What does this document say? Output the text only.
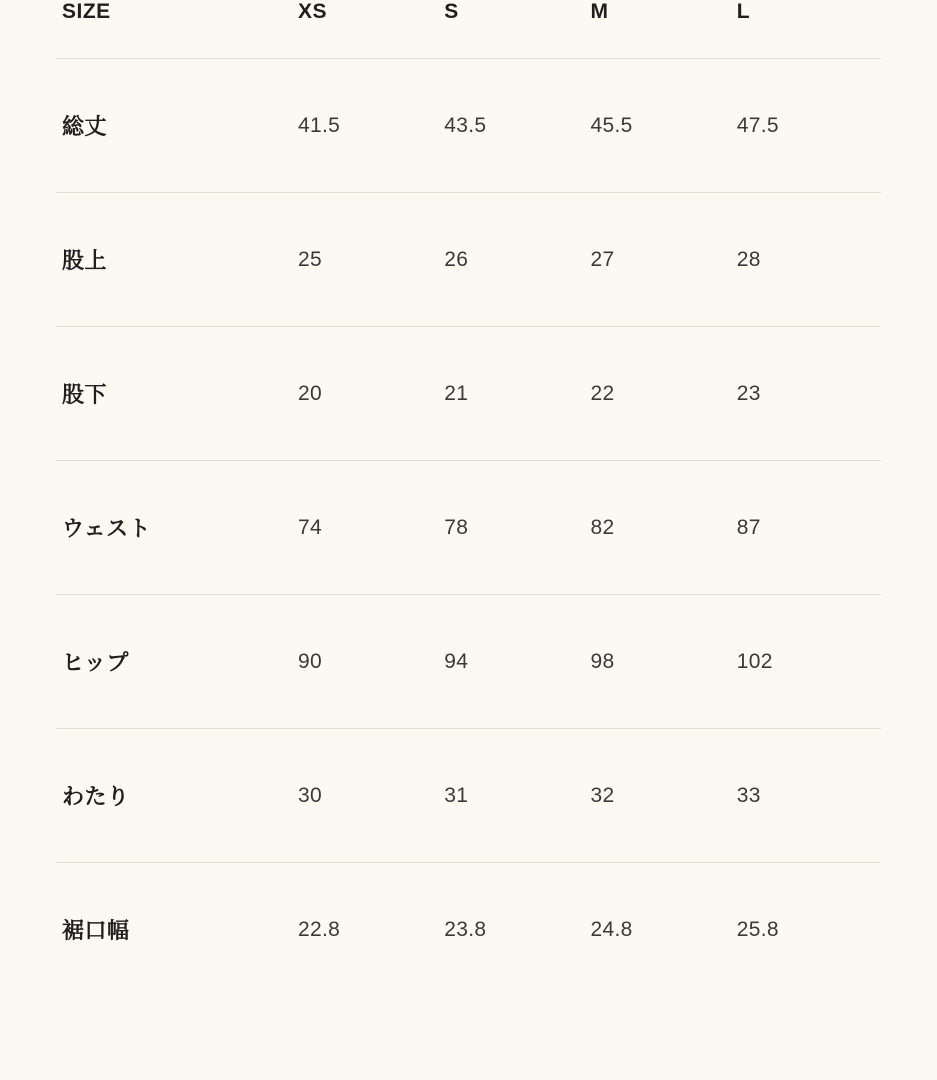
SIZE	XS	S	M	L
総丈	41.5	43.5	45.5	47.5
股上	25	26	27	28
股下	20	21	22	23
ウェスト	74	78	82	87
ヒップ	90	94	98	102
わたり	30	31	32	33
裾口幅	22.8	23.8	24.8	25.8
